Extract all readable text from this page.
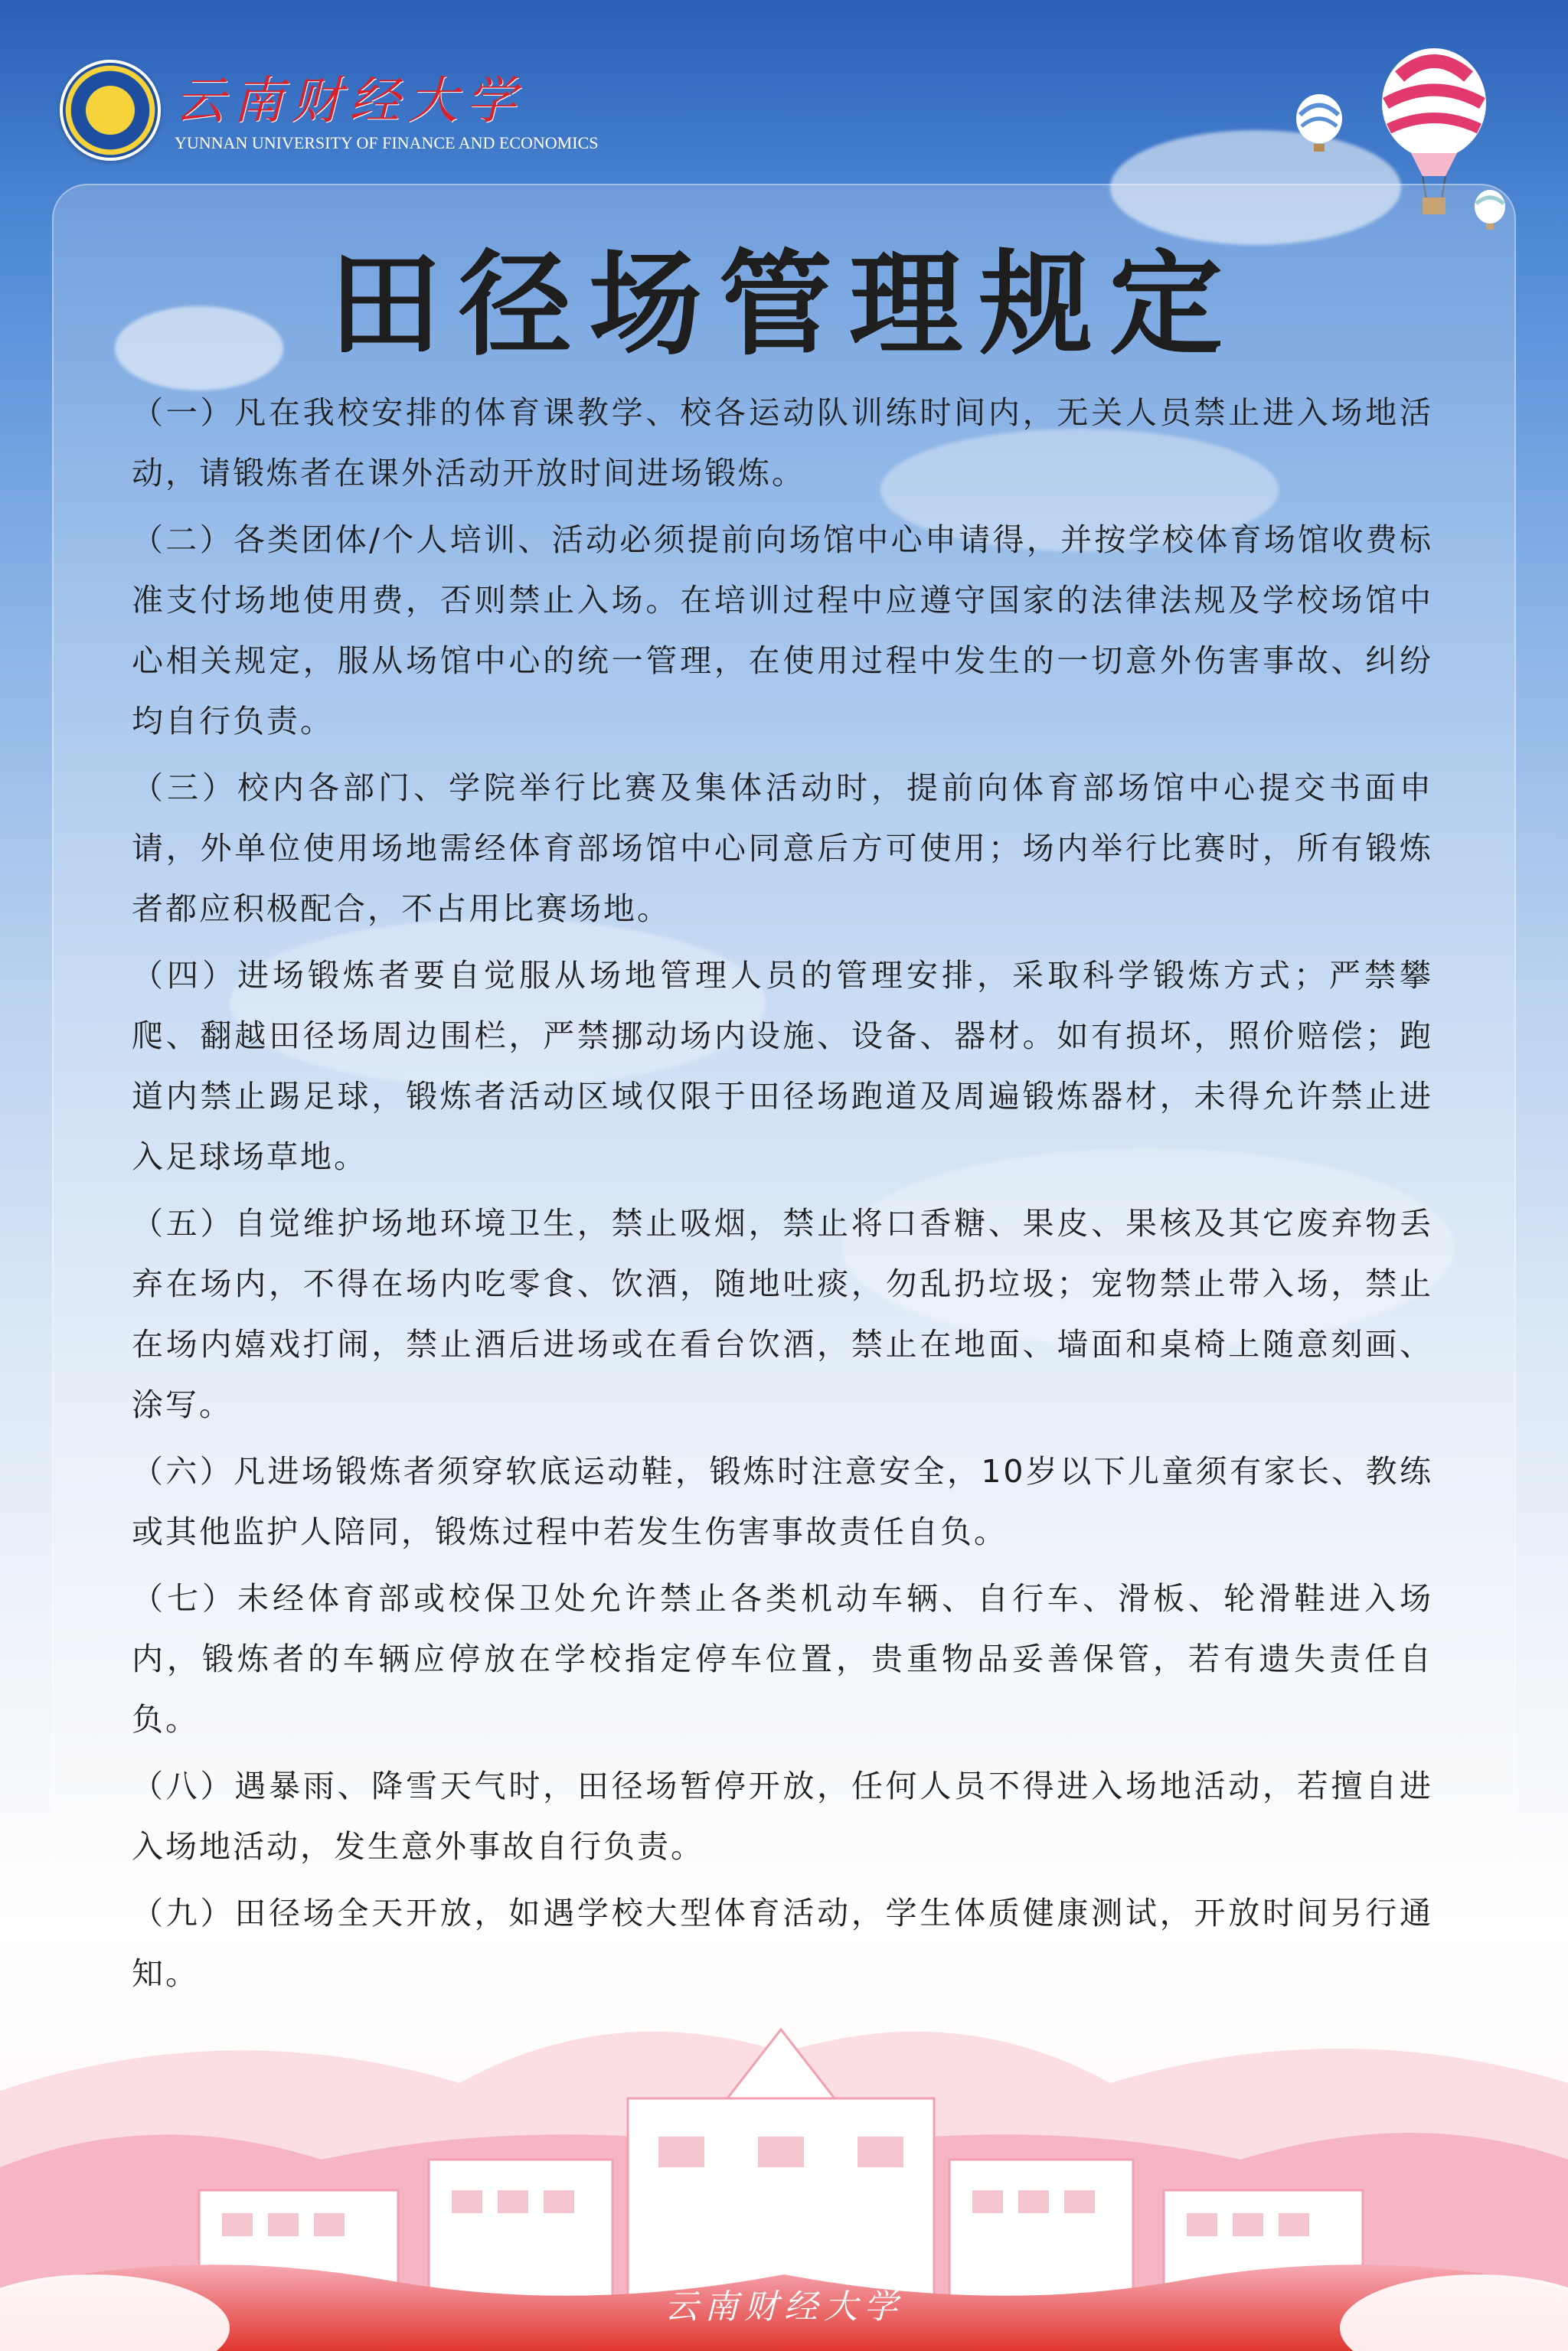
云南财经大学
YUNNAN UNIVERSITY OF FINANCE AND ECONOMICS
田径场管理规定

（一）凡在我校安排的体育课教学、校各运动队训练时间内，无关人员禁止进入场地活动，请锻炼者在课外活动开放时间进场锻炼。

（二）各类团体/个人培训、活动必须提前向场馆中心申请得，并按学校体育场馆收费标准支付场地使用费，否则禁止入场。在培训过程中应遵守国家的法律法规及学校场馆中心相关规定，服从场馆中心的统一管理，在使用过程中发生的一切意外伤害事故、纠纷均自行负责。

（三）校内各部门、学院举行比赛及集体活动时，提前向体育部场馆中心提交书面申请，外单位使用场地需经体育部场馆中心同意后方可使用；场内举行比赛时，所有锻炼者都应积极配合，不占用比赛场地。

（四）进场锻炼者要自觉服从场地管理人员的管理安排，采取科学锻炼方式；严禁攀爬、翻越田径场周边围栏，严禁挪动场内设施、设备、器材。如有损坏，照价赔偿；跑道内禁止踢足球，锻炼者活动区域仅限于田径场跑道及周遍锻炼器材，未得允许禁止进入足球场草地。

（五）自觉维护场地环境卫生，禁止吸烟，禁止将口香糖、果皮、果核及其它废弃物丢弃在场内，不得在场内吃零食、饮酒，随地吐痰，勿乱扔垃圾；宠物禁止带入场，禁止在场内嬉戏打闹，禁止酒后进场或在看台饮酒，禁止在地面、墙面和桌椅上随意刻画、涂写。

（六）凡进场锻炼者须穿软底运动鞋，锻炼时注意安全，10岁以下儿童须有家长、教练或其他监护人陪同，锻炼过程中若发生伤害事故责任自负。

（七）未经体育部或校保卫处允许禁止各类机动车辆、自行车、滑板、轮滑鞋进入场内，锻炼者的车辆应停放在学校指定停车位置，贵重物品妥善保管，若有遗失责任自负。

（八）遇暴雨、降雪天气时，田径场暂停开放，任何人员不得进入场地活动，若擅自进入场地活动，发生意外事故自行负责。

（九）田径场全天开放，如遇学校大型体育活动，学生体质健康测试，开放时间另行通知。

云南财经大学
